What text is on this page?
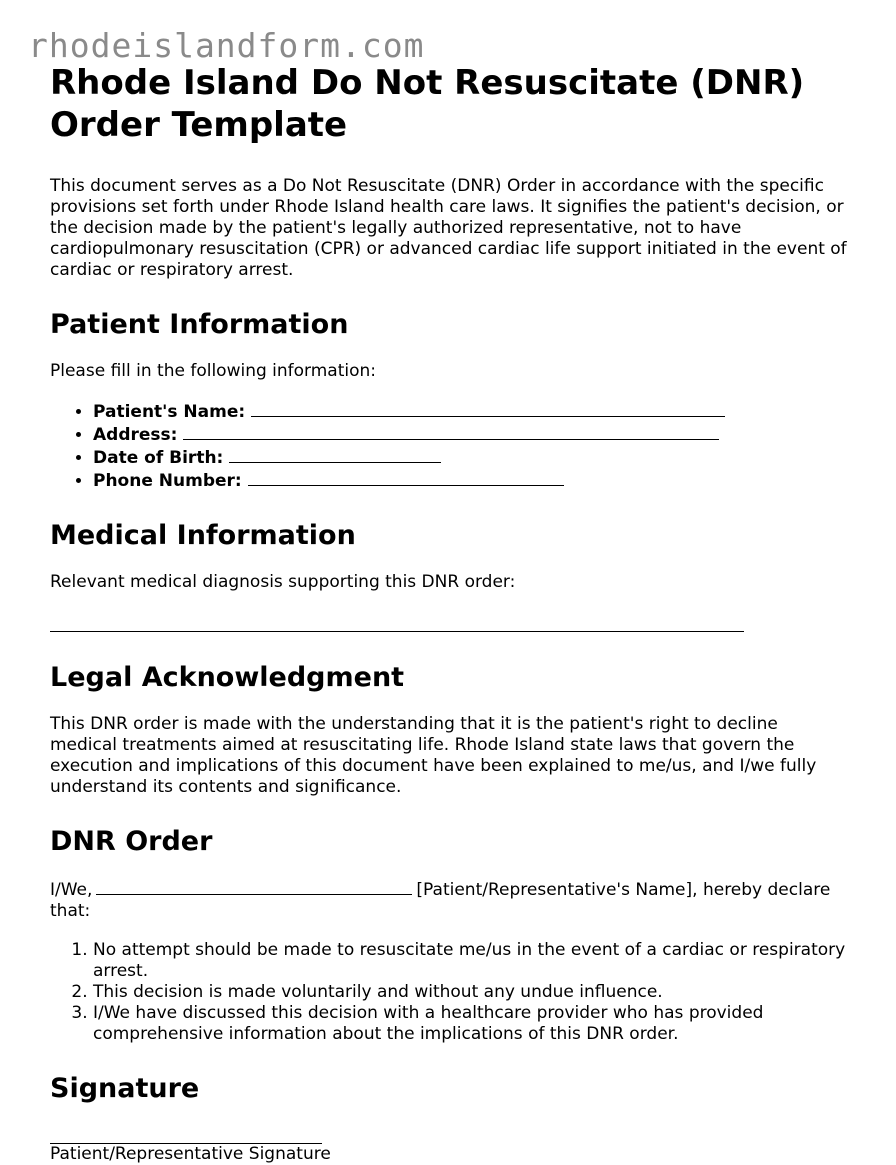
rhodeislandform.com
Rhode Island Do Not Resuscitate (DNR) Order Template

This document serves as a Do Not Resuscitate (DNR) Order in accordance with the specific provisions set forth under Rhode Island health care laws. It signifies the patient's decision, or the decision made by the patient's legally authorized representative, not to have cardiopulmonary resuscitation (CPR) or advanced cardiac life support initiated in the event of cardiac or respiratory arrest.

Patient Information

Please fill in the following information:

• Patient's Name:
• Address:
• Date of Birth:
• Phone Number:
Medical Information

Relevant medical diagnosis supporting this DNR order:

Legal Acknowledgment

This DNR order is made with the understanding that it is the patient's right to decline medical treatments aimed at resuscitating life. Rhode Island state laws that govern the execution and implications of this document have been explained to me/us, and I/we fully understand its contents and significance.

DNR Order

I/We,	[Patient/Representative's Name], hereby declare that:

1. No attempt should be made to resuscitate me/us in the event of a cardiac or respiratory arrest.
2. This decision is made voluntarily and without any undue influence.
3. I/We have discussed this decision with a healthcare provider who has provided comprehensive information about the implications of this DNR order.
Signature

Patient/Representative Signature
